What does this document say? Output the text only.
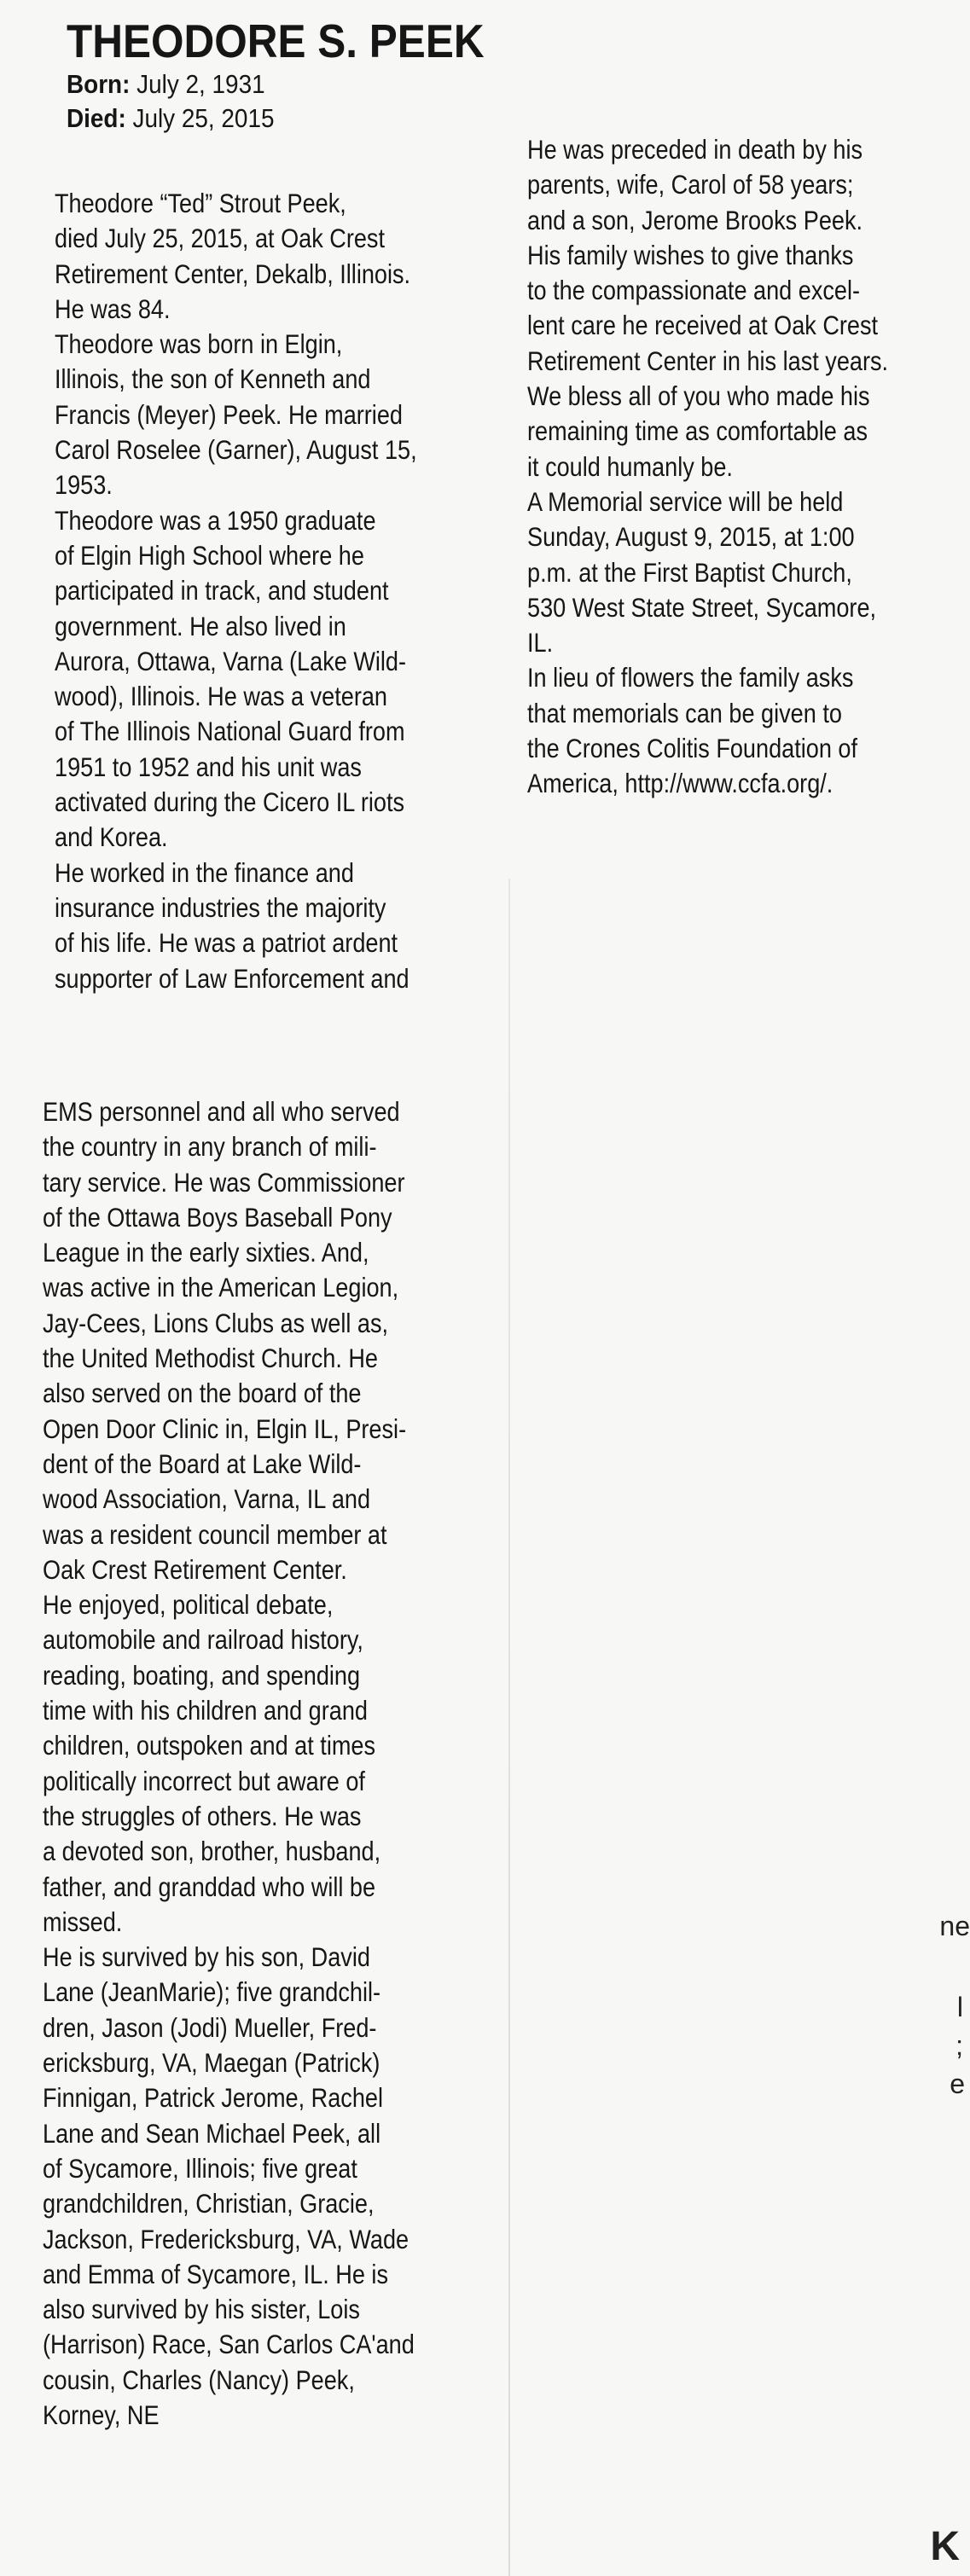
THEODORE S. PEEK
Born: July 2, 1931
Died: July 25, 2015

Theodore “Ted” Strout Peek,
died July 25, 2015, at Oak Crest
Retirement Center, Dekalb, Illinois.
He was 84.
Theodore was born in Elgin,
Illinois, the son of Kenneth and
Francis (Meyer) Peek. He married
Carol Roselee (Garner), August 15,
1953.
Theodore was a 1950 graduate
of Elgin High School where he
participated in track, and student
government. He also lived in
Aurora, Ottawa, Varna (Lake Wild-
wood), Illinois. He was a veteran
of The Illinois National Guard from
1951 to 1952 and his unit was
activated during the Cicero IL riots
and Korea.
He worked in the finance and
insurance industries the majority
of his life. He was a patriot ardent
supporter of Law Enforcement and

EMS personnel and all who served
the country in any branch of mili-
tary service. He was Commissioner
of the Ottawa Boys Baseball Pony
League in the early sixties. And,
was active in the American Legion,
Jay-Cees, Lions Clubs as well as,
the United Methodist Church. He
also served on the board of the
Open Door Clinic in, Elgin IL, Presi-
dent of the Board at Lake Wild-
wood Association, Varna, IL and
was a resident council member at
Oak Crest Retirement Center.
He enjoyed, political debate,
automobile and railroad history,
reading, boating, and spending
time with his children and grand
children, outspoken and at times
politically incorrect but aware of
the struggles of others. He was
a devoted son, brother, husband,
father, and granddad who will be
missed.
He is survived by his son, David
Lane (JeanMarie); five grandchil-
dren, Jason (Jodi) Mueller, Fred-
ericksburg, VA, Maegan (Patrick)
Finnigan, Patrick Jerome, Rachel
Lane and Sean Michael Peek, all
of Sycamore, Illinois; five great
grandchildren, Christian, Gracie,
Jackson, Fredericksburg, VA, Wade
and Emma of Sycamore, IL. He is
also survived by his sister, Lois
(Harrison) Race, San Carlos CA'and
cousin, Charles (Nancy) Peek,
Korney, NE

He was preceded in death by his
parents, wife, Carol of 58 years;
and a son, Jerome Brooks Peek.
His family wishes to give thanks
to the compassionate and excel-
lent care he received at Oak Crest
Retirement Center in his last years.
We bless all of you who made his
remaining time as comfortable as
it could humanly be.
A Memorial service will be held
Sunday, August 9, 2015, at 1:00
p.m. at the First Baptist Church,
530 West State Street, Sycamore,
IL.
In lieu of flowers the family asks
that memorials can be given to
the Crones Colitis Foundation of
America, http://www.ccfa.org/.

ne
l
;
e
K
